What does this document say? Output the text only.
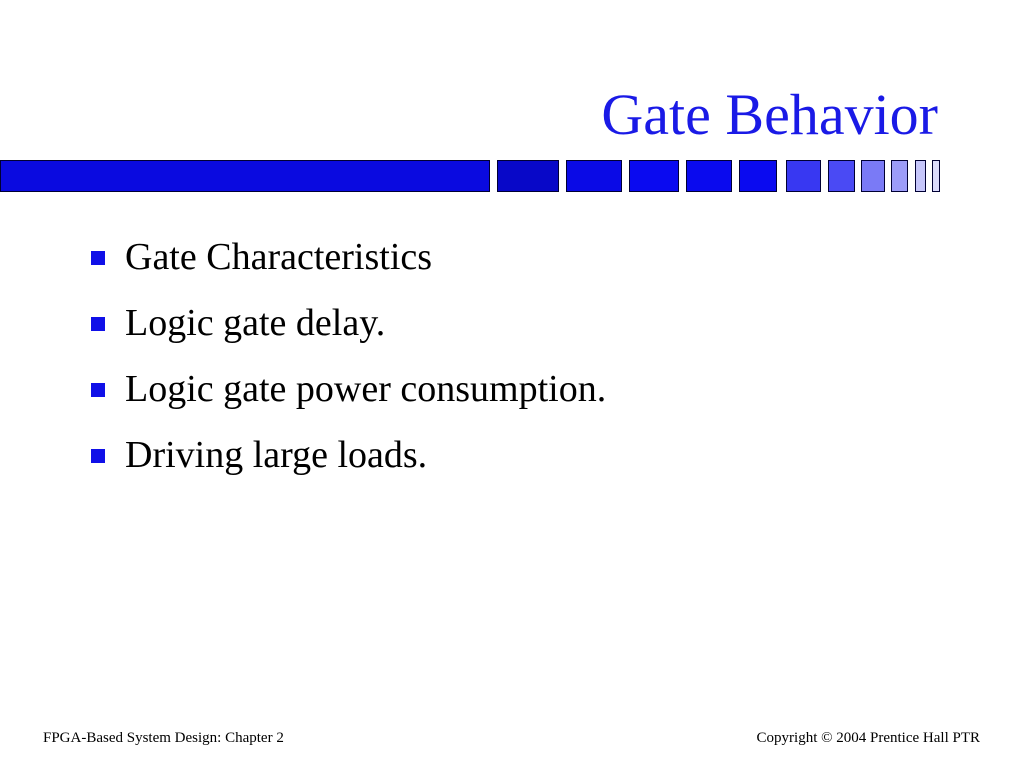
Gate Behavior
Gate Characteristics
Logic gate delay.
Logic gate power consumption.
Driving large loads.
FPGA-Based System Design: Chapter 2	Copyright © 2004 Prentice Hall PTR
